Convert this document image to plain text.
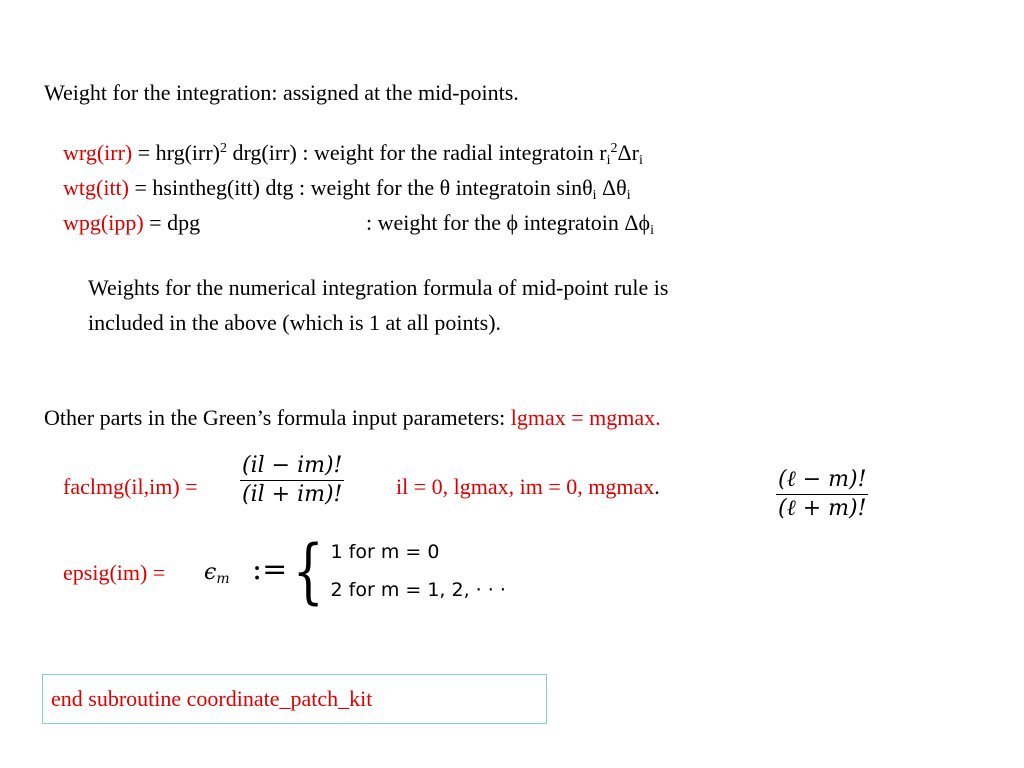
Weight for the integration: assigned at the mid-points.
wrg(irr) = hrg(irr)$^2$ drg(irr) : weight for the radial integratoin $r_i^2\Delta r_i$
wtg(itt) = hsintheg(itt) dtg : weight for the θ integratoin sinθ$_i$ $\Delta\theta_i$
wpg(ipp) = dpg	: weight for the ϕ integratoin $\Delta\phi_i$
Weights for the numerical integration formula of mid-point rule is
included in the above (which is 1 at all points).
Other parts in the Green’s formula input parameters: lgmax = mgmax.
faclmg(il,im) = $\frac{(il - im)!}{(il + im)!}$ il = 0, lgmax, im = 0, mgmax.	$\frac{\text{(ℓ − m)!}}{\text{(ℓ + m)!}}$
epsig(im) = $\epsilon_m$ := { 1 for m = 0
2 for m = 1, 2, · · ·
end subroutine coordinate_patch_kit
